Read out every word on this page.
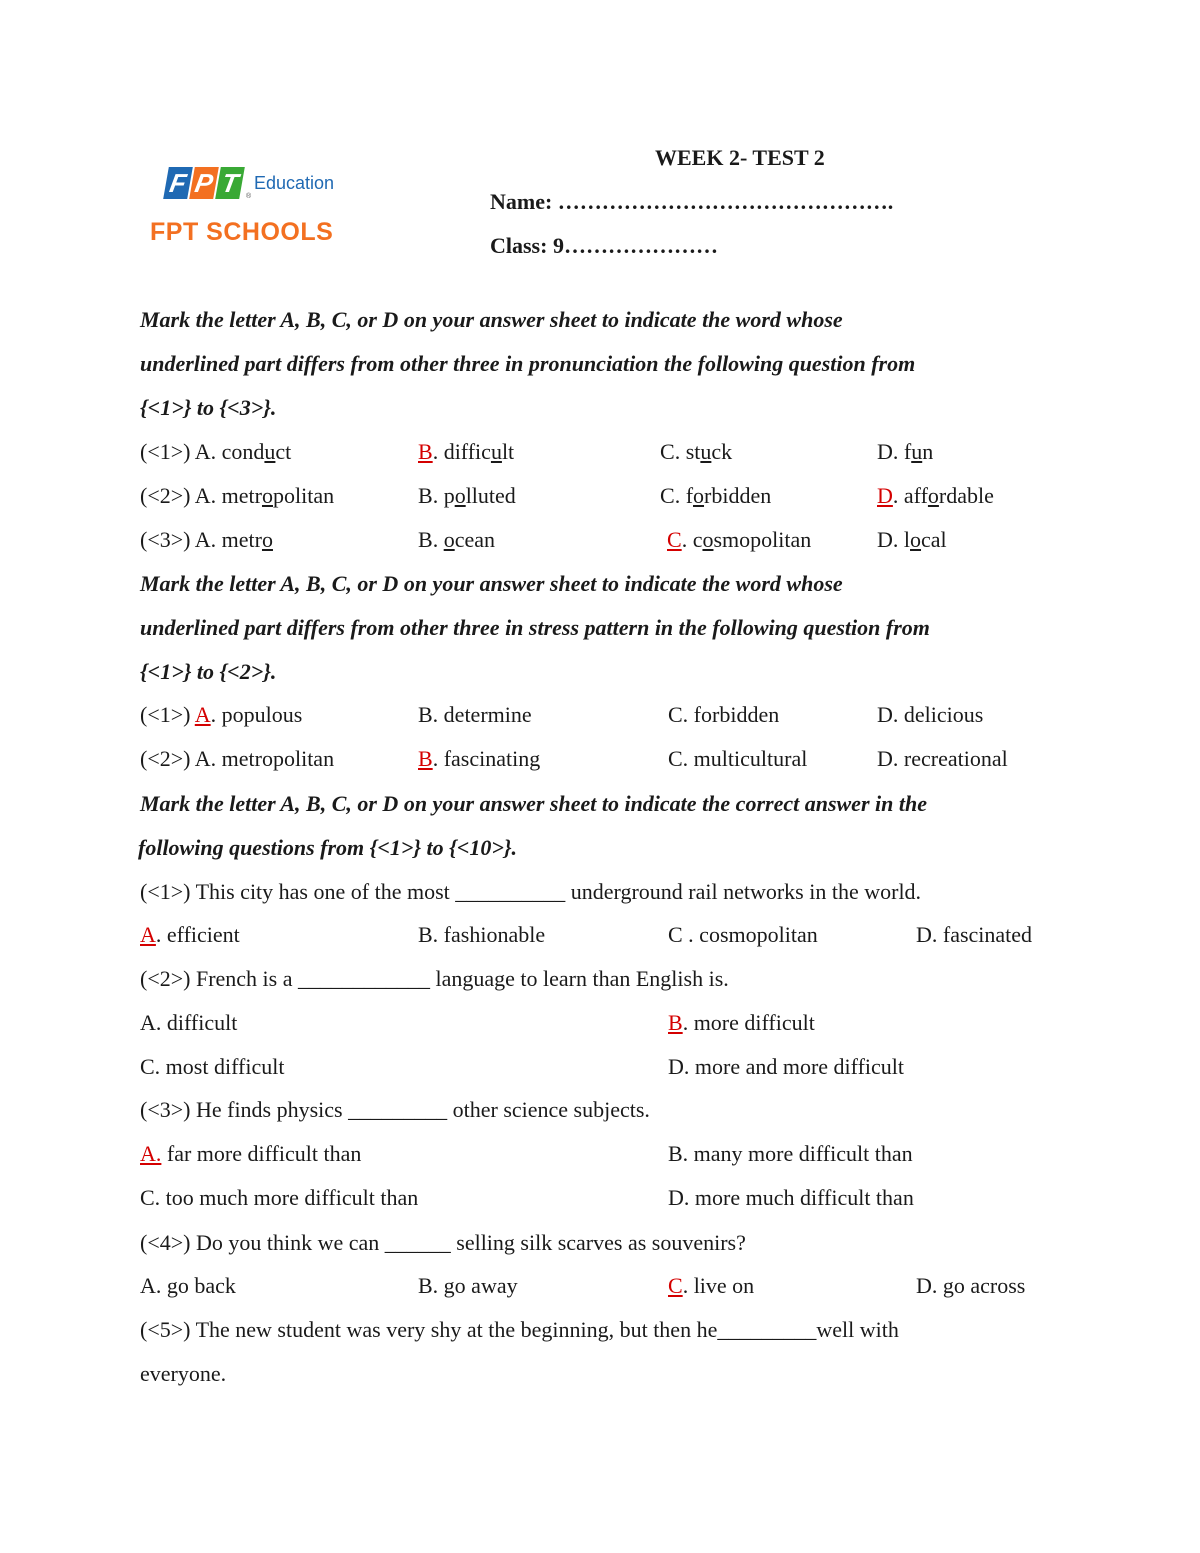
F P T ®
Education
FPT SCHOOLS
WEEK 2- TEST 2
Name: ……………………………………….
Class: 9…………………
Mark the letter A, B, C, or D on your answer sheet to indicate the word whose
underlined part differs from other three in pronunciation the following question from
{<1>} to {<3>}.
(<1>) A. conduct	B. difficult	C. stuck	D. fun
(<2>) A. metropolitan	B. polluted	C. forbidden	D. affordable
(<3>) A. metro	B. ocean	C. cosmopolitan	D. local
Mark the letter A, B, C, or D on your answer sheet to indicate the word whose
underlined part differs from other three in stress pattern in the following question from
{<1>} to {<2>}.
(<1>) A. populous	B. determine	C. forbidden	D. delicious
(<2>) A. metropolitan	B. fascinating	C. multicultural	D. recreational
Mark the letter A, B, C, or D on your answer sheet to indicate the correct answer in the
following questions from {<1>} to {<10>}.
(<1>) This city has one of the most __________ underground rail networks in the world.
A. efficient	B. fashionable	C . cosmopolitan	D. fascinated
(<2>) French is a ____________ language to learn than English is.
A. difficult	B. more difficult
C. most difficult	D. more and more difficult
(<3>) He finds physics _________ other science subjects.
A. far more difficult than	B. many more difficult than
C. too much more difficult than	D. more much difficult than
(<4>) Do you think we can ______ selling silk scarves as souvenirs?
A. go back	B. go away	C. live on	D. go across
(<5>) The new student was very shy at the beginning, but then he_________well with
everyone.
